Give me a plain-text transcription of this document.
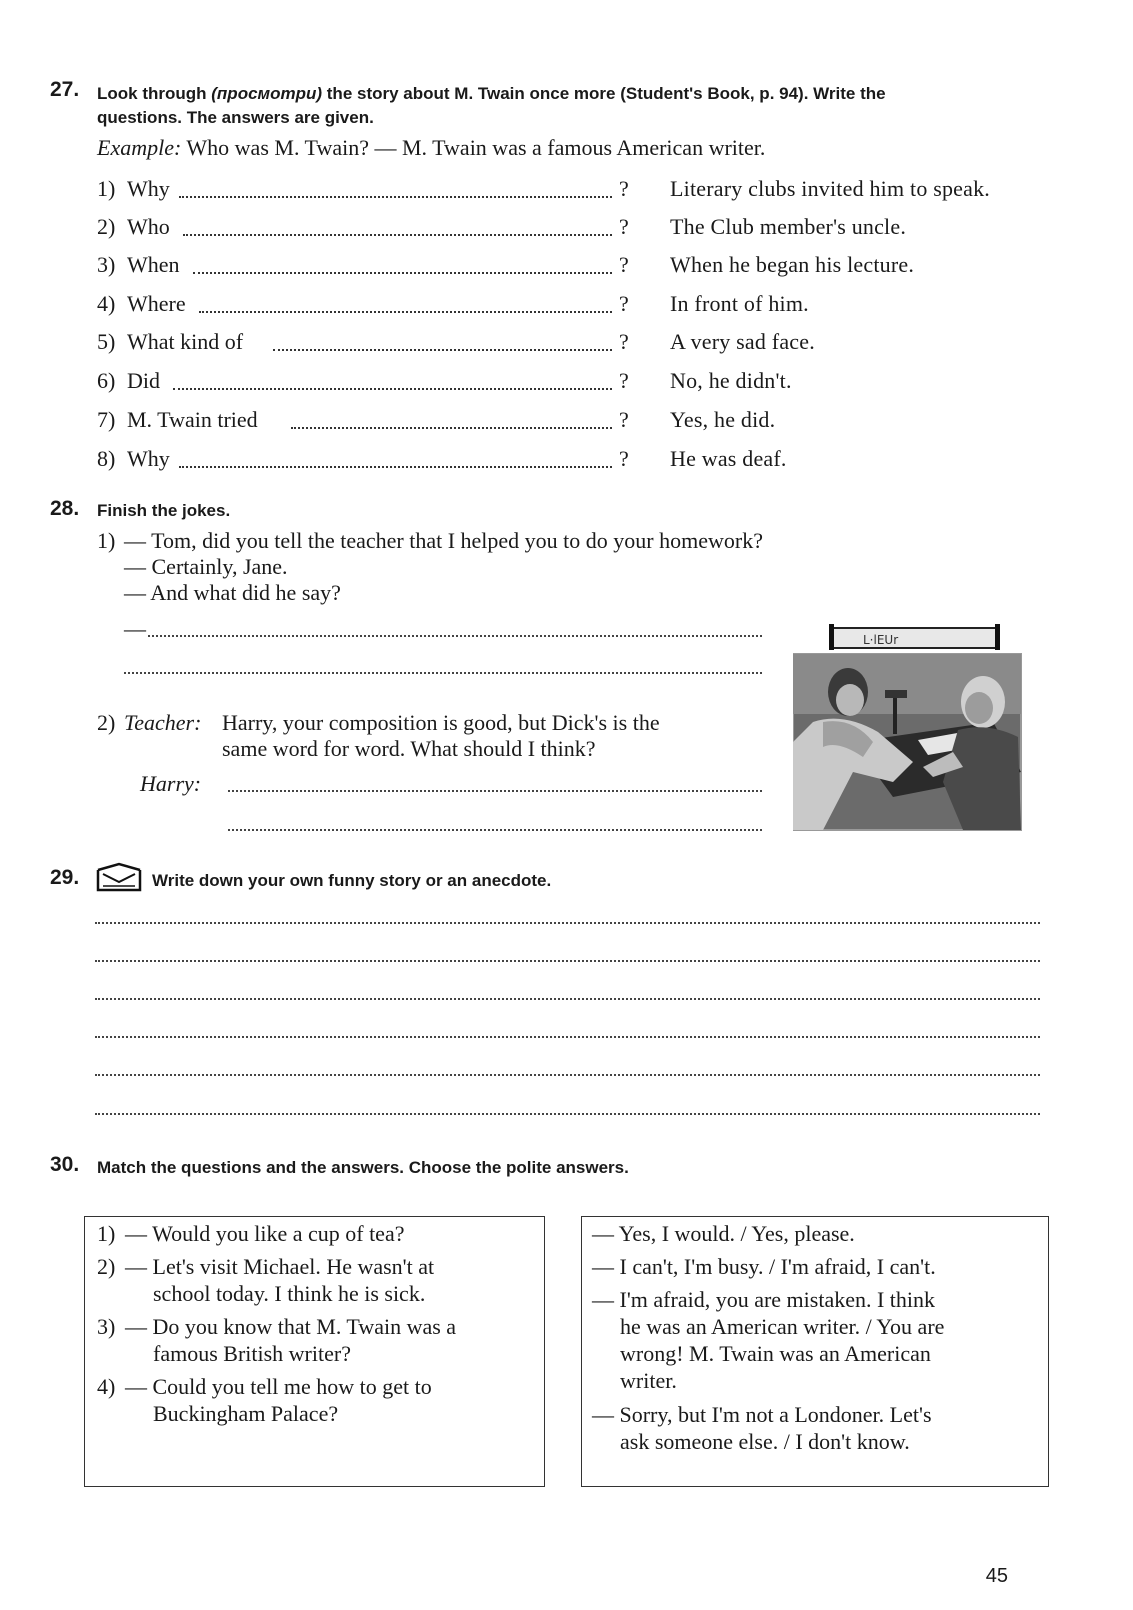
27. Look through (просмотри) the story about M. Twain once more (Student's Book, p. 94). Write the
questions. The answers are given.
Example: Who was M. Twain? — M. Twain was a famous American writer.
1) Why	? Literary clubs invited him to speak.
2) Who	? The Club member's uncle.
3) When	? When he began his lecture.
4) Where	? In front of him.
5) What kind of	? A very sad face.
6) Did	? No, he didn't.
7) M. Twain tried	? Yes, he did.
8) Why	? He was deaf.
28. Finish the jokes.
1) — Tom, did you tell the teacher that I helped you to do your homework?
— Certainly, Jane.
— And what did he say?
—
2) Teacher: Harry, your composition is good, but Dick's is the
same word for word. What should I think?
Harry:
L·lEUr
29.	Write down your own funny story or an anecdote.
30. Match the questions and the answers. Choose the polite answers.
1) — Would you like a cup of tea?
2) — Let's visit Michael. He wasn't at
school today. I think he is sick.
3) — Do you know that M. Twain was a
famous British writer?
4) — Could you tell me how to get to
Buckingham Palace?
— Yes, I would. / Yes, please.
— I can't, I'm busy. / I'm afraid, I can't.
— I'm afraid, you are mistaken. I think
he was an American writer. / You are
wrong! M. Twain was an American
writer.
— Sorry, but I'm not a Londoner. Let's
ask someone else. / I don't know.
45
